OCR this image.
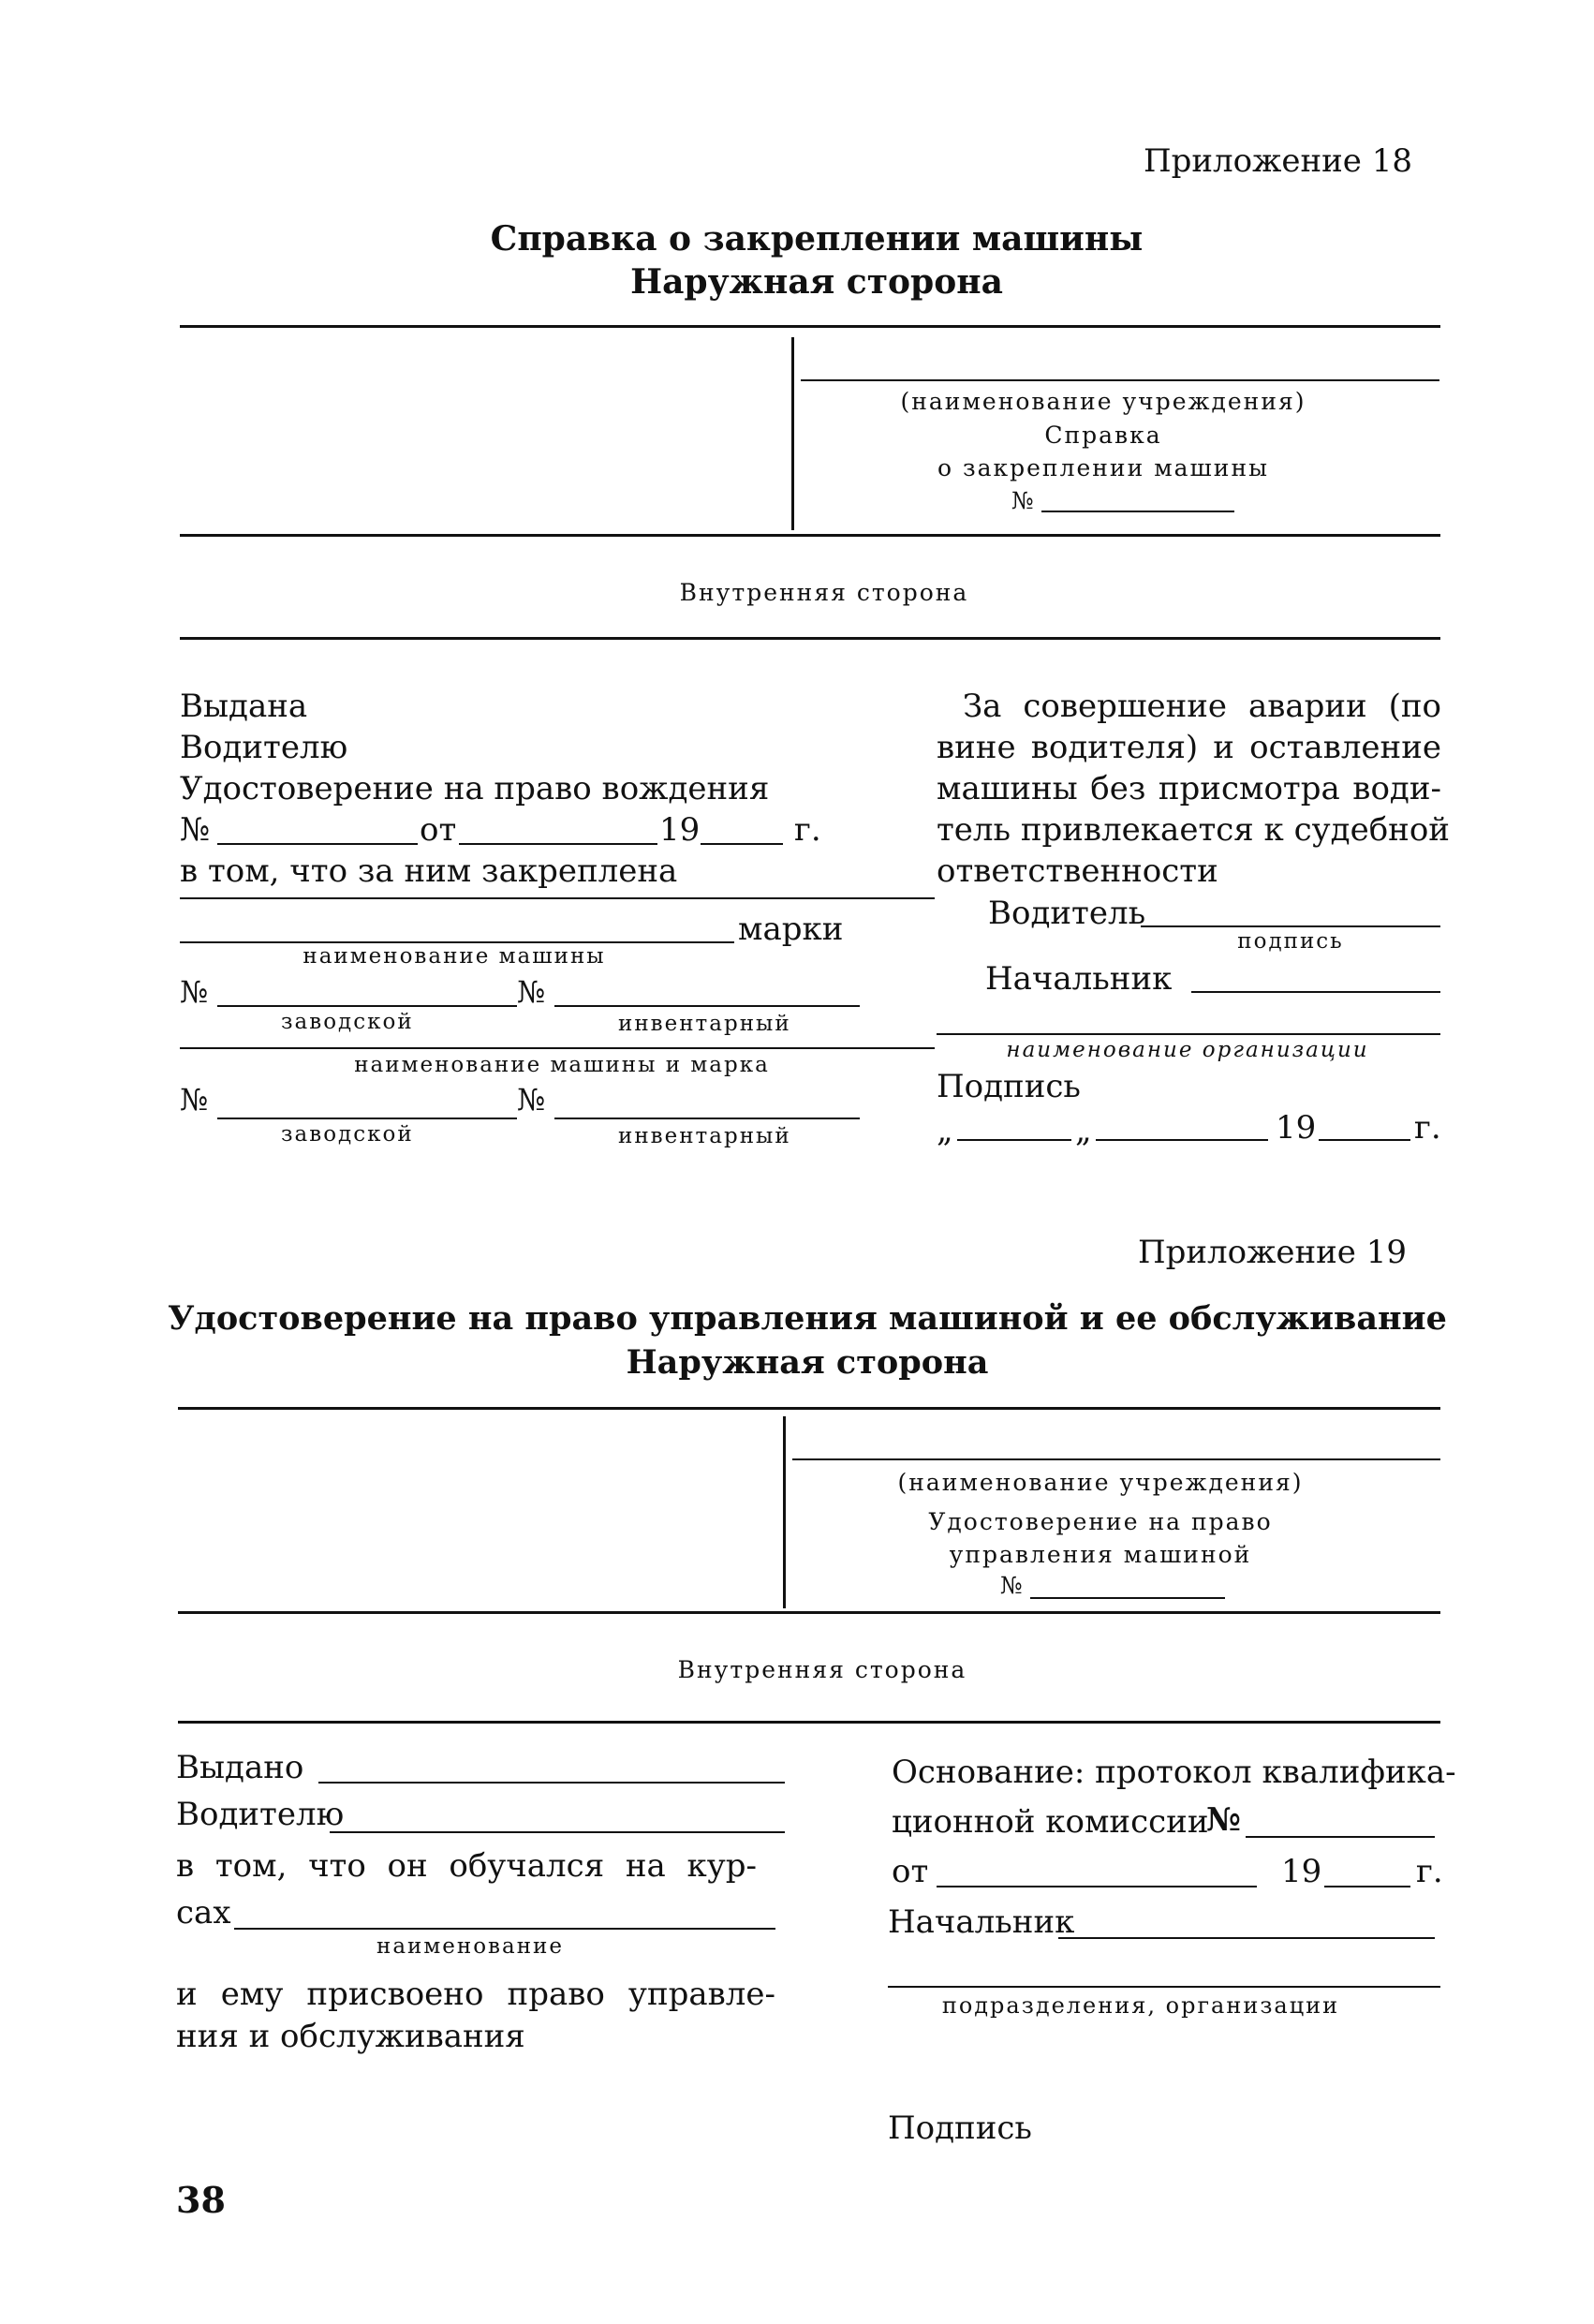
Приложение 18
Справка о закреплении машины
Наружная сторона
(наименование учреждения)
Справка
о закреплении машины
№
Внутренняя сторона
Выдана
Водителю
Удостоверение на право вождения
№	от	19	г.
в том, что за ним закреплена
марки
наименование машины
№	№
заводской	инвентарный
наименование машины и марка
№	№
заводской	инвентарный
За совершение аварии (по
вине водителя) и оставление
машины без присмотра води-
тель привлекается к судебной
ответственности
Водитель
подпись
Начальник
наименование организации
Подпись
„	„	19	г.
Приложение 19
Удостоверение на право управления машиной и ее обслуживание
Наружная сторона
(наименование учреждения)
Удостоверение на право
управления машиной
№
Внутренняя сторона
Выдано
Водителю
в том, что он обучался на кур-
сах
наименование
и ему присвоено право управле-
ния и обслуживания
Основание: протокол квалифика-
ционной комиссии
№
от	19	г.
Начальник
подразделения, организации
Подпись
38
